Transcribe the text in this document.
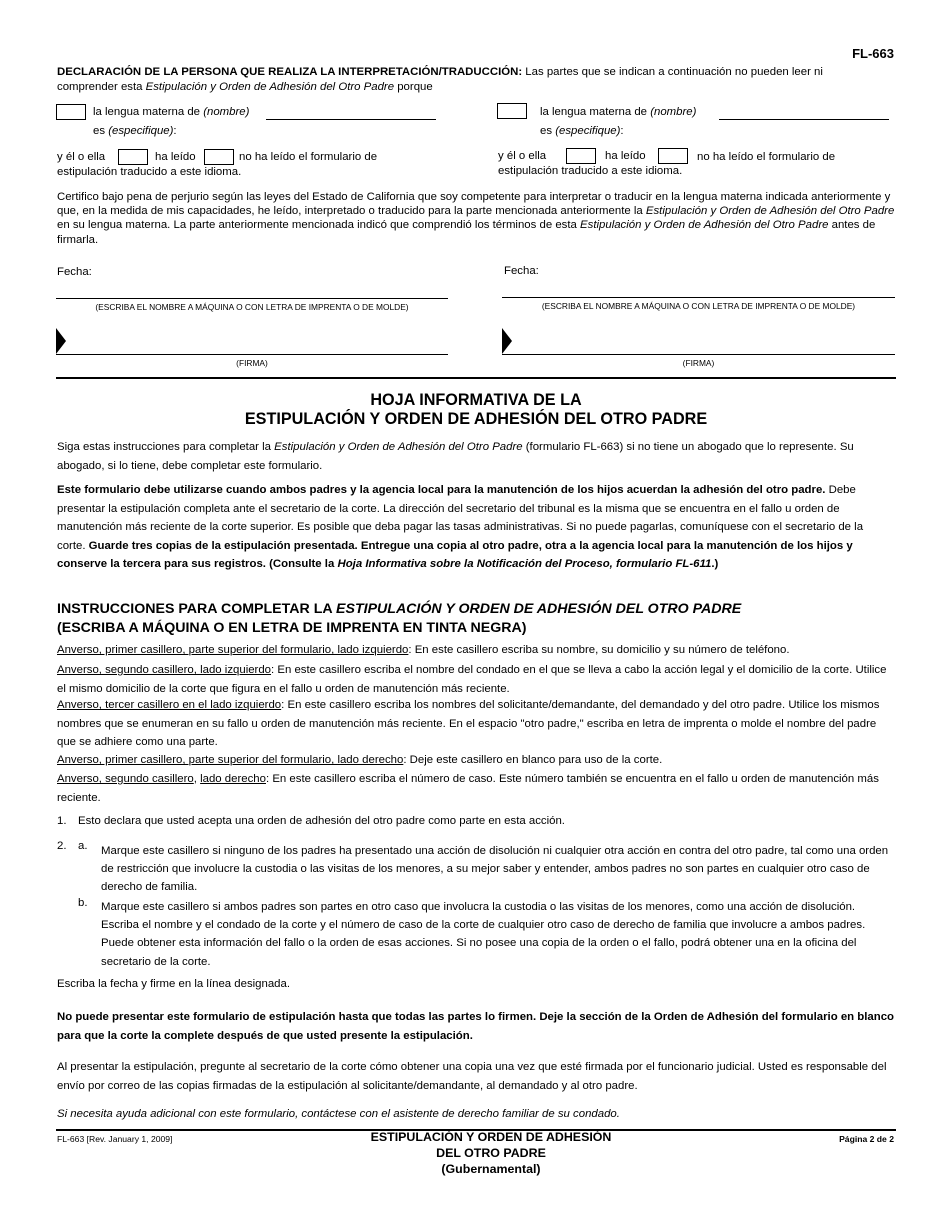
FL-663
DECLARACIÓN DE LA PERSONA QUE REALIZA LA INTERPRETACIÓN/TRADUCCIÓN: Las partes que se indican a continuación no pueden leer ni
comprender esta Estipulación y Orden de Adhesión del Otro Padre porque
la lengua materna de (nombre)
es (especifique):
y él o ella	ha leído	no ha leído el formulario de
estipulación traducido a este idioma.
la lengua materna de (nombre)
es (especifique):
y él o ella	ha leído	no ha leído el formulario de
estipulación traducido a este idioma.
Certifico bajo pena de perjurio según las leyes del Estado de California que soy competente para interpretar o traducir en la lengua materna indicada anteriormente y que, en la medida de mis capacidades, he leído, interpretado o traducido para la parte mencionada anteriormente la Estipulación y Orden de Adhesión del Otro Padre en su lengua materna. La parte anteriormente mencionada indicó que comprendió los términos de esta Estipulación y Orden de Adhesión del Otro Padre antes de firmarla.
Fecha:
(ESCRIBA EL NOMBRE A MÁQUINA O CON LETRA DE IMPRENTA O DE MOLDE)
(FIRMA)
Fecha:
(ESCRIBA EL NOMBRE A MÁQUINA O CON LETRA DE IMPRENTA O DE MOLDE)
(FIRMA)
HOJA INFORMATIVA DE LA
ESTIPULACIÓN Y ORDEN DE ADHESIÓN DEL OTRO PADRE
Siga estas instrucciones para completar la Estipulación y Orden de Adhesión del Otro Padre (formulario FL-663) si no tiene un abogado que lo represente. Su abogado, si lo tiene, debe completar este formulario.
Este formulario debe utilizarse cuando ambos padres y la agencia local para la manutención de los hijos acuerdan la adhesión del otro padre. Debe presentar la estipulación completa ante el secretario de la corte. La dirección del secretario del tribunal es la misma que se encuentra en el fallo u orden de manutención más reciente de la corte superior. Es posible que deba pagar las tasas administrativas. Si no puede pagarlas, comuníquese con el secretario de la corte. Guarde tres copias de la estipulación presentada. Entregue una copia al otro padre, otra a la agencia local para la manutención de los hijos y conserve la tercera para sus registros. (Consulte la Hoja Informativa sobre la Notificación del Proceso, formulario FL-611.)
INSTRUCCIONES PARA COMPLETAR LA ESTIPULACIÓN Y ORDEN DE ADHESIÓN DEL OTRO PADRE
(ESCRIBA A MÁQUINA O EN LETRA DE IMPRENTA EN TINTA NEGRA)
Anverso, primer casillero, parte superior del formulario, lado izquierdo: En este casillero escriba su nombre, su domicilio y su número de teléfono.
Anverso, segundo casillero, lado izquierdo: En este casillero escriba el nombre del condado en el que se lleva a cabo la acción legal y el domicilio de la corte. Utilice el mismo domicilio de la corte que figura en el fallo u orden de manutención más reciente.
Anverso, tercer casillero en el lado izquierdo: En este casillero escriba los nombres del solicitante/demandante, del demandado y del otro padre. Utilice los mismos nombres que se enumeran en su fallo u orden de manutención más reciente. En el espacio "otro padre," escriba en letra de imprenta o molde el nombre del padre que se adhiere como una parte.
Anverso, primer casillero, parte superior del formulario, lado derecho: Deje este casillero en blanco para uso de la corte.
Anverso, segundo casillero, lado derecho: En este casillero escriba el número de caso. Este número también se encuentra en el fallo u orden de manutención más reciente.
1. Esto declara que usted acepta una orden de adhesión del otro padre como parte en esta acción.
2. a. Marque este casillero si ninguno de los padres ha presentado una acción de disolución ni cualquier otra acción en contra del otro padre, tal como una orden de restricción que involucre la custodia o las visitas de los menores, a su mejor saber y entender, ambos padres no son partes en cualquier otro caso de derecho de familia.
b. Marque este casillero si ambos padres son partes en otro caso que involucra la custodia o las visitas de los menores, como una acción de disolución. Escriba el nombre y el condado de la corte y el número de caso de la corte de cualquier otro caso de derecho de familia que involucre a ambos padres. Puede obtener esta información del fallo o la orden de esas acciones. Si no posee una copia de la orden o el fallo, podrá obtener una en la oficina del secretario de la corte.
Escriba la fecha y firme en la línea designada.
No puede presentar este formulario de estipulación hasta que todas las partes lo firmen. Deje la sección de la Orden de Adhesión del formulario en blanco para que la corte la complete después de que usted presente la estipulación.
Al presentar la estipulación, pregunte al secretario de la corte cómo obtener una copia una vez que esté firmada por el funcionario judicial. Usted es responsable del envío por correo de las copias firmadas de la estipulación al solicitante/demandante, al demandado y al otro padre.
Si necesita ayuda adicional con este formulario, contáctese con el asistente de derecho familiar de su condado.
FL-663 [Rev. January 1, 2009]	ESTIPULACIÓN Y ORDEN DE ADHESIÓN
DEL OTRO PADRE
(Gubernamental)
Página 2 de 2
